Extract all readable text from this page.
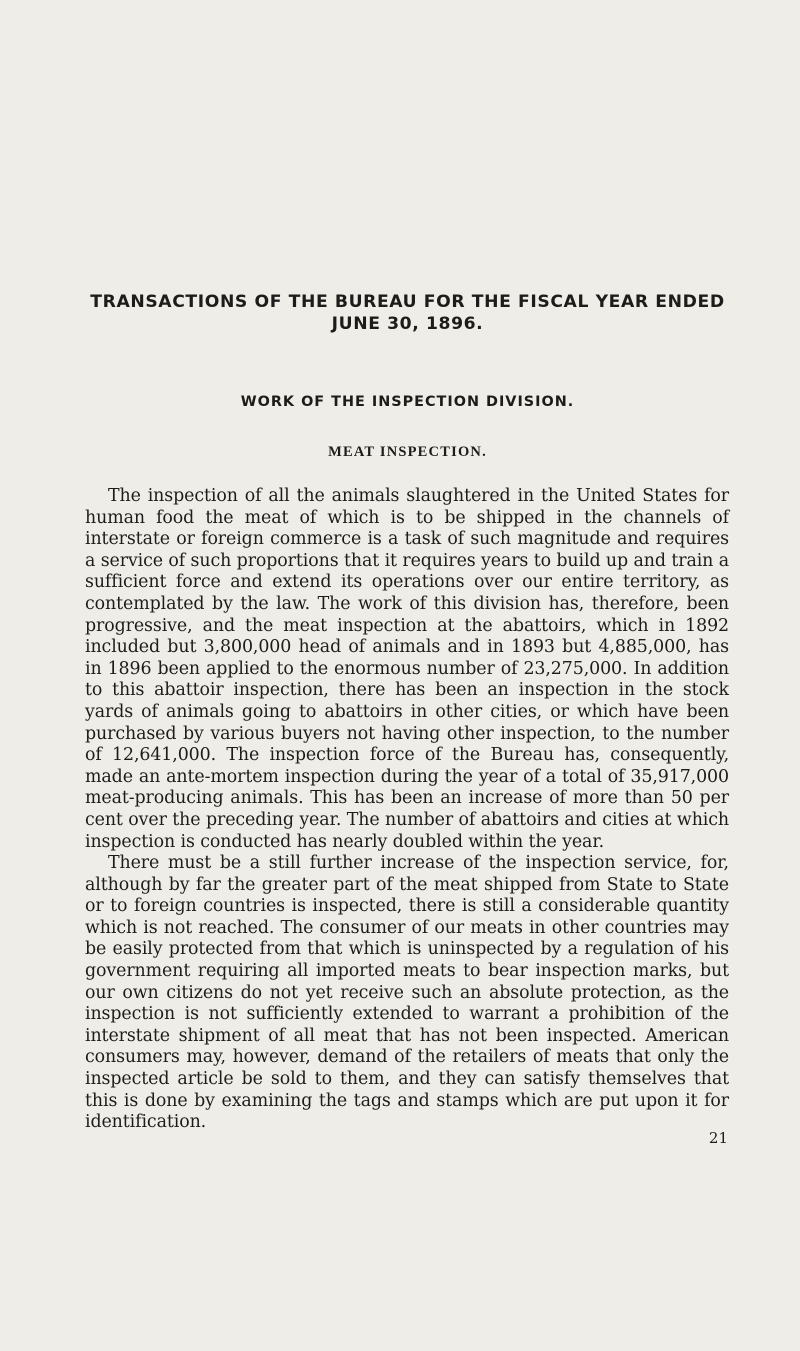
TRANSACTIONS OF THE BUREAU FOR THE FISCAL YEAR ENDED
JUNE 30, 1896.
WORK OF THE INSPECTION DIVISION.
MEAT INSPECTION.

The inspection of all the animals slaughtered in the United States for human food the meat of which is to be shipped in the channels of interstate or foreign commerce is a task of such magnitude and requires a service of such proportions that it requires years to build up and train a sufficient force and extend its operations over our entire territory, as contemplated by the law. The work of this division has, therefore, been progressive, and the meat inspection at the abattoirs, which in 1892 included but 3,800,000 head of animals and in 1893 but 4,885,000, has in 1896 been applied to the enormous number of 23,275,000. In addition to this abattoir inspection, there has been an inspection in the stock yards of animals going to abattoirs in other cities, or which have been purchased by various buyers not having other inspection, to the number of 12,641,000. The inspection force of the Bureau has, consequently, made an ante-mortem inspection during the year of a total of 35,917,000 meat-producing animals. This has been an increase of more than 50 per cent over the preceding year. The number of abattoirs and cities at which inspection is conducted has nearly doubled within the year.

There must be a still further increase of the inspection service, for, although by far the greater part of the meat shipped from State to State or to foreign countries is inspected, there is still a considerable quantity which is not reached. The consumer of our meats in other countries may be easily protected from that which is uninspected by a regulation of his government requiring all imported meats to bear inspection marks, but our own citizens do not yet receive such an absolute protection, as the inspection is not sufficiently extended to warrant a prohibition of the interstate shipment of all meat that has not been inspected. American consumers may, however, demand of the retailers of meats that only the inspected article be sold to them, and they can satisfy themselves that this is done by examining the tags and stamps which are put upon it for identification.

21
